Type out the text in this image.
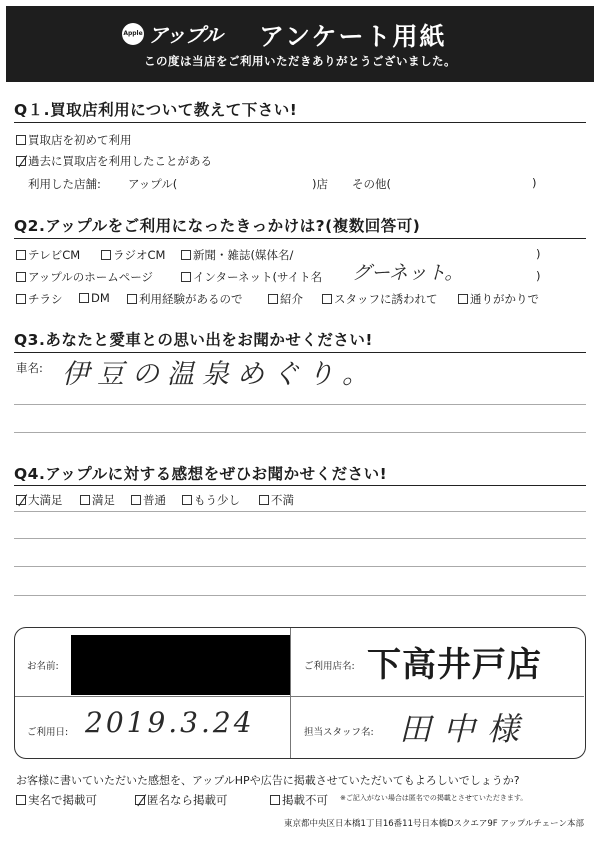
Apple アップル アンケート用紙
この度は当店をご利用いただきありがとうございました。
Q１.買取店利用について教えて下さい!
買取店を初めて利用
過去に買取店を利用したことがある
利用した店舗: アップル(	)店 その他(	)
Q2.アップルをご利用になったきっかけは?(複数回答可)
テレビCM	ラジオCM 新聞・雑誌(媒体名/	)
アップルのホームページ	インターネット(サイト名 グーネット。	)
チラシ DM	利用経験があるので	紹介	スタッフに誘われて	通りがかりで
Q3.あなたと愛車との思い出をお聞かせください!
車名: 伊豆の温泉めぐり。
Q4.アップルに対する感想をぜひお聞かせください!
大満足	満足 普通 もう少し	不満
お名前:	ご利用店名: 下高井戸店
ご利用日: 2019.3.24	担当スタッフ名: 田中様
お客様に書いていただいた感想を、アップルHPや広告に掲載させていただいてもよろしいでしょうか?
実名で掲載可	匿名なら掲載可	掲載不可 ※ご記入がない場合は匿名での掲載とさせていただきます。
東京都中央区日本橋1丁目16番11号日本橋Dスクエア9F アップルチェーン本部
